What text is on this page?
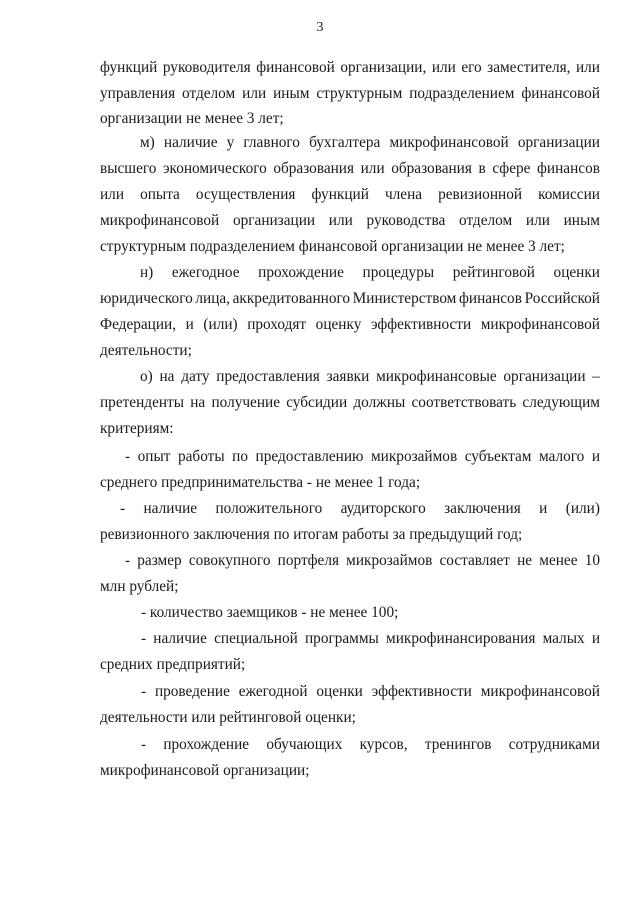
3
функций руководителя финансовой организации, или его заместителя, или
управления отделом или иным структурным подразделением финансовой
организации не менее 3 лет;
м) наличие у главного бухгалтера микрофинансовой организации
высшего экономического образования или образования в сфере финансов
или опыта осуществления функций члена ревизионной комиссии
микрофинансовой организации или руководства отделом или иным
структурным подразделением финансовой организации не менее 3 лет;
н) ежегодное прохождение процедуры рейтинговой оценки
юридического лица, аккредитованного Министерством финансов Российской
Федерации, и (или) проходят оценку эффективности микрофинансовой
деятельности;
о) на дату предоставления заявки микрофинансовые организации –
претенденты на получение субсидии должны соответствовать следующим
критериям:
- опыт работы по предоставлению микрозаймов субъектам малого и
среднего предпринимательства - не менее 1 года;
- наличие положительного аудиторского заключения и (или)
ревизионного заключения по итогам работы за предыдущий год;
- размер совокупного портфеля микрозаймов составляет не менее 10
млн рублей;
- количество заемщиков - не менее 100;
- наличие специальной программы микрофинансирования малых и
средних предприятий;
- проведение ежегодной оценки эффективности микрофинансовой
деятельности или рейтинговой оценки;
- прохождение обучающих курсов, тренингов сотрудниками
микрофинансовой организации;
